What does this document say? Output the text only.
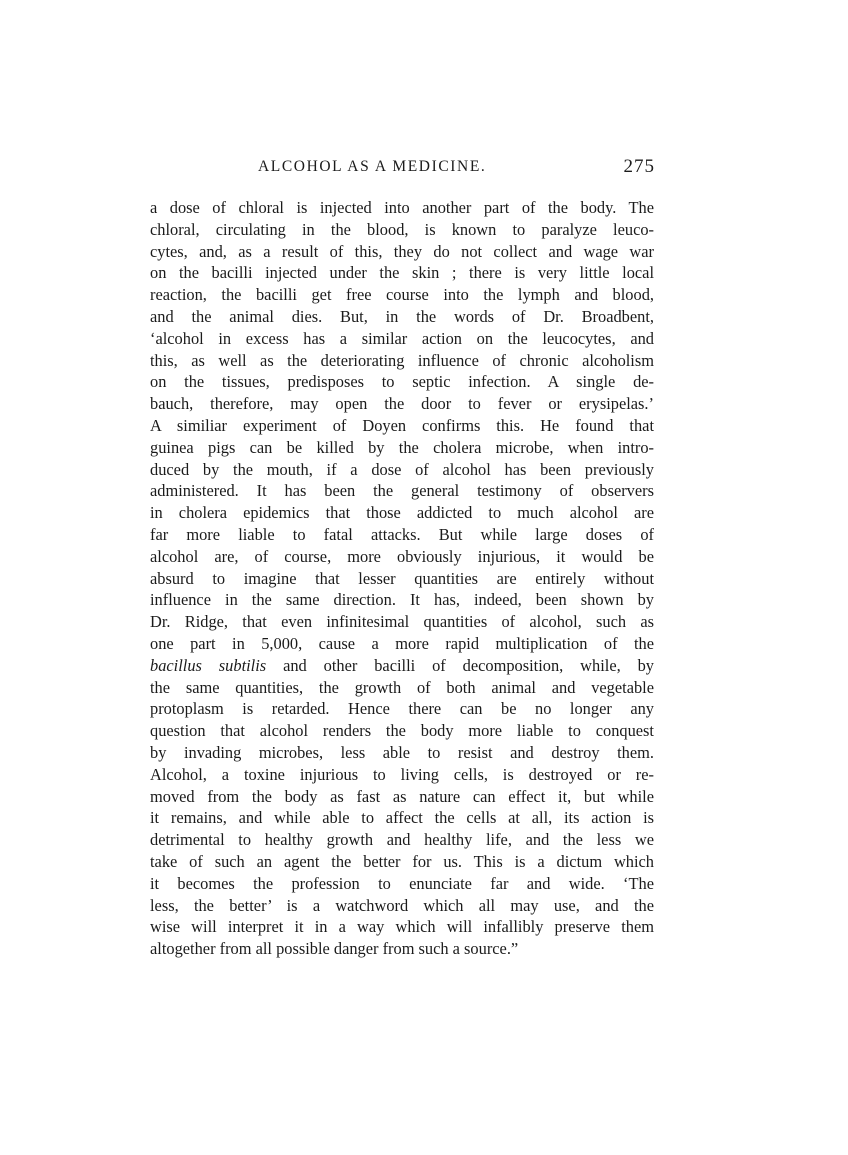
ALCOHOL AS A MEDICINE.	275
a dose of chloral is injected into another part of the body. The
chloral, circulating in the blood, is known to paralyze leuco-
cytes, and, as a result of this, they do not collect and wage war
on the bacilli injected under the skin ; there is very little local
reaction, the bacilli get free course into the lymph and blood,
and the animal dies. But, in the words of Dr. Broadbent,
‘alcohol in excess has a similar action on the leucocytes, and
this, as well as the deteriorating influence of chronic alcoholism
on the tissues, predisposes to septic infection. A single de-
bauch, therefore, may open the door to fever or erysipelas.’
A similiar experiment of Doyen confirms this. He found that
guinea pigs can be killed by the cholera microbe, when intro-
duced by the mouth, if a dose of alcohol has been previously
administered. It has been the general testimony of observers
in cholera epidemics that those addicted to much alcohol are
far more liable to fatal attacks. But while large doses of
alcohol are, of course, more obviously injurious, it would be
absurd to imagine that lesser quantities are entirely without
influence in the same direction. It has, indeed, been shown by
Dr. Ridge, that even infinitesimal quantities of alcohol, such as
one part in 5,000, cause a more rapid multiplication of the
bacillus subtilis and other bacilli of decomposition, while, by
the same quantities, the growth of both animal and vegetable
protoplasm is retarded. Hence there can be no longer any
question that alcohol renders the body more liable to conquest
by invading microbes, less able to resist and destroy them.
Alcohol, a toxine injurious to living cells, is destroyed or re-
moved from the body as fast as nature can effect it, but while
it remains, and while able to affect the cells at all, its action is
detrimental to healthy growth and healthy life, and the less we
take of such an agent the better for us. This is a dictum which
it becomes the profession to enunciate far and wide. ‘The
less, the better’ is a watchword which all may use, and the
wise will interpret it in a way which will infallibly preserve them
altogether from all possible danger from such a source.”
